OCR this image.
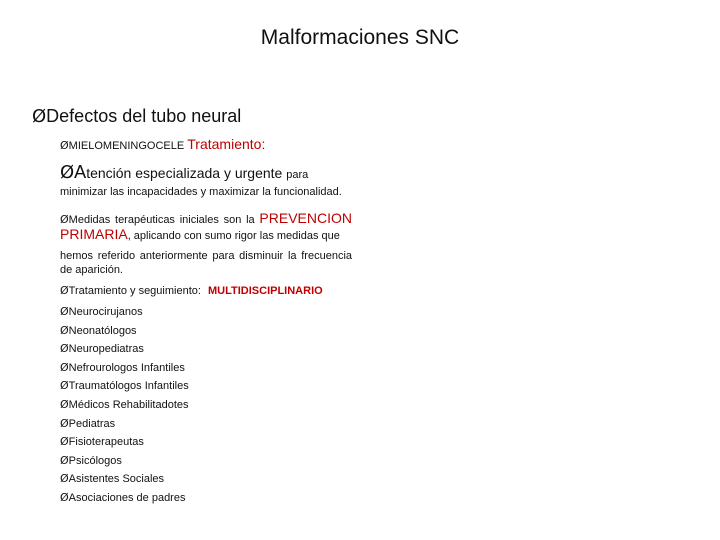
Malformaciones SNC
ØDefectos del tubo neural
ØMIELOMENINGOCELE Tratamiento:
ØAtención especializada y urgente para
minimizar las incapacidades y maximizar la funcionalidad.
ØMedidas terapéuticas iniciales son la PREVENCION PRIMARIA, aplicando con sumo rigor las medidas que
hemos referido anteriormente para disminuir la frecuencia de aparición.
ØTratamiento y seguimiento: MULTIDISCIPLINARIO
ØNeurocirujanos
ØNeonatólogos
ØNeuropediatras
ØNefrourologos Infantiles
ØTraumatólogos Infantiles
ØMédicos Rehabilitadotes
ØPediatras
ØFisioterapeutas
ØPsicólogos
ØAsistentes Sociales
ØAsociaciones de padres
